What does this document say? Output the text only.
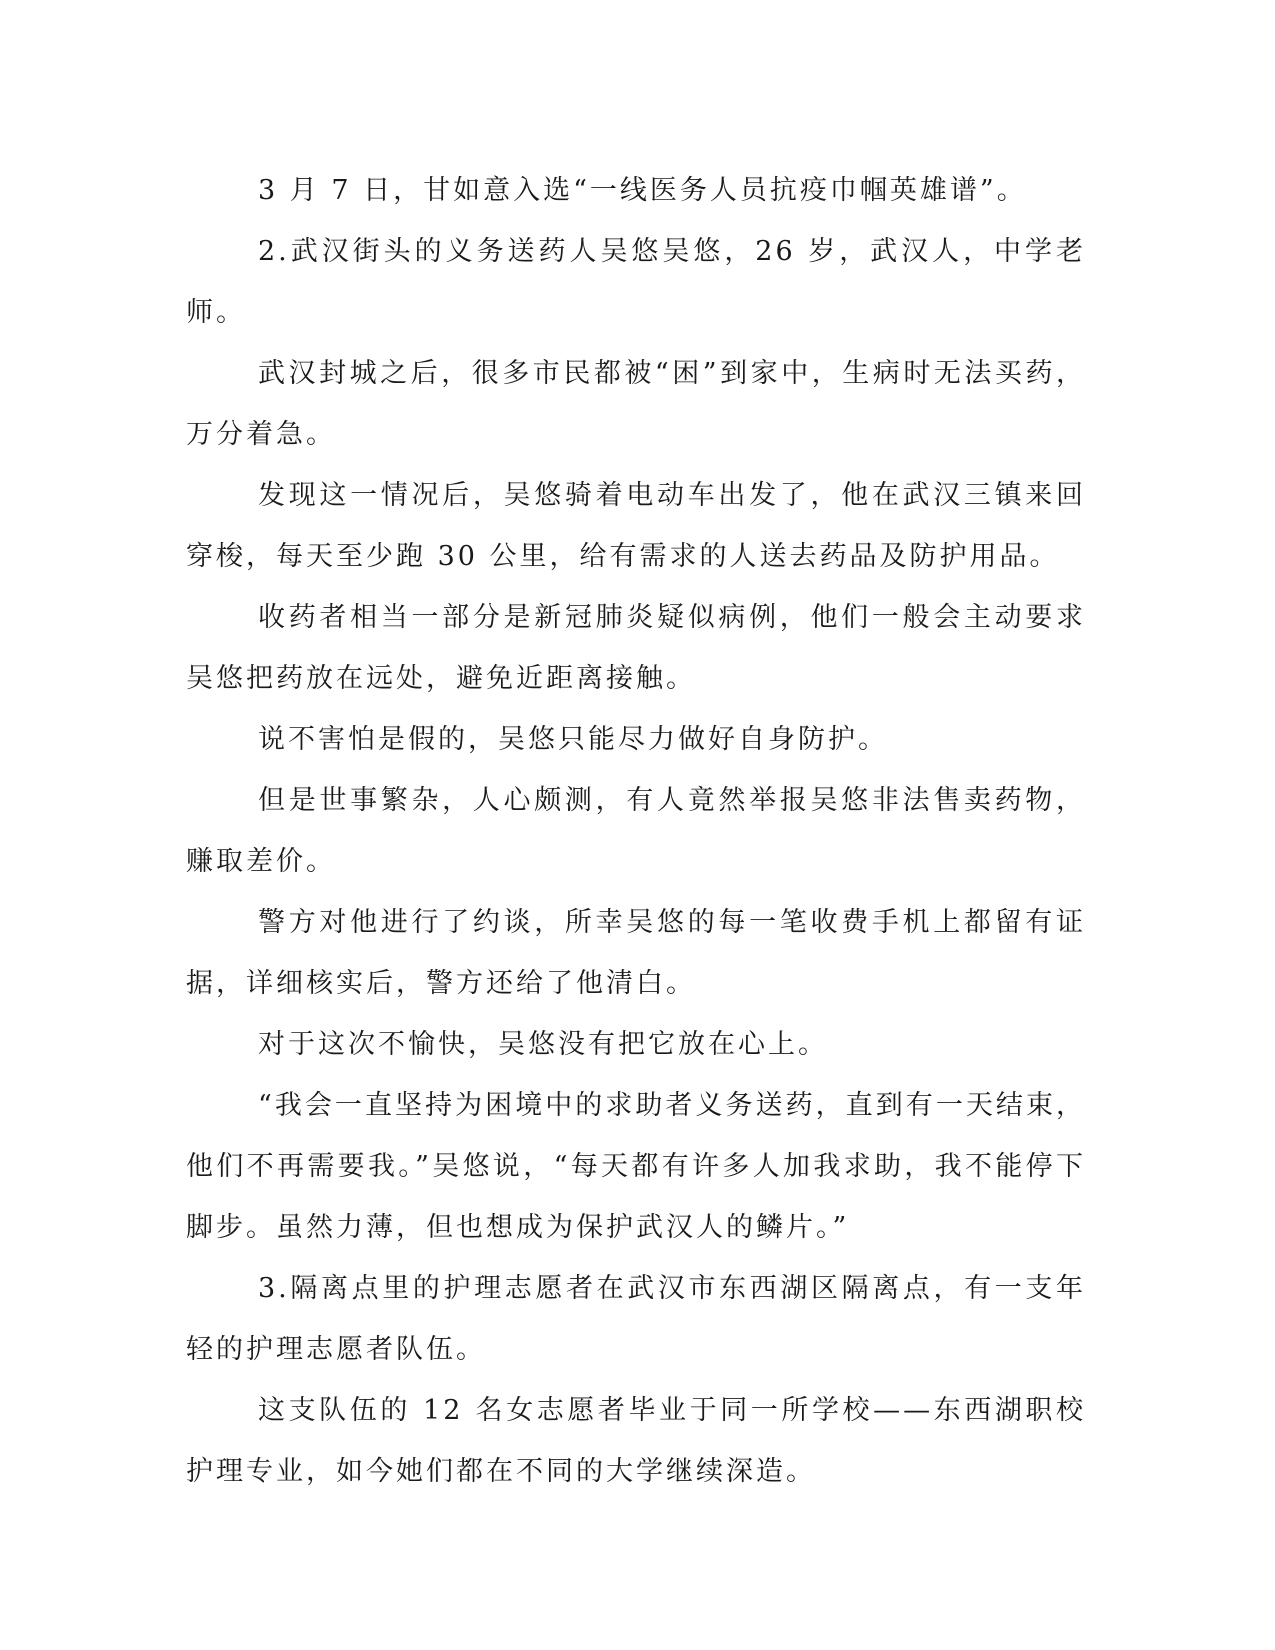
3 月 7 日，甘如意入选“一线医务人员抗疫巾帼英雄谱”。

2.武汉街头的义务送药人吴悠吴悠，26 岁，武汉人，中学老师。

武汉封城之后，很多市民都被“困”到家中，生病时无法买药，万分着急。

发现这一情况后，吴悠骑着电动车出发了，他在武汉三镇来回穿梭，每天至少跑 30 公里，给有需求的人送去药品及防护用品。

收药者相当一部分是新冠肺炎疑似病例，他们一般会主动要求吴悠把药放在远处，避免近距离接触。

说不害怕是假的，吴悠只能尽力做好自身防护。

但是世事繁杂，人心颇测，有人竟然举报吴悠非法售卖药物，赚取差价。

警方对他进行了约谈，所幸吴悠的每一笔收费手机上都留有证据，详细核实后，警方还给了他清白。

对于这次不愉快，吴悠没有把它放在心上。

“我会一直坚持为困境中的求助者义务送药，直到有一天结束，他们不再需要我。”吴悠说，“每天都有许多人加我求助，我不能停下脚步。虽然力薄，但也想成为保护武汉人的鳞片。”

3.隔离点里的护理志愿者在武汉市东西湖区隔离点，有一支年轻的护理志愿者队伍。

这支队伍的 12 名女志愿者毕业于同一所学校——东西湖职校护理专业，如今她们都在不同的大学继续深造。
